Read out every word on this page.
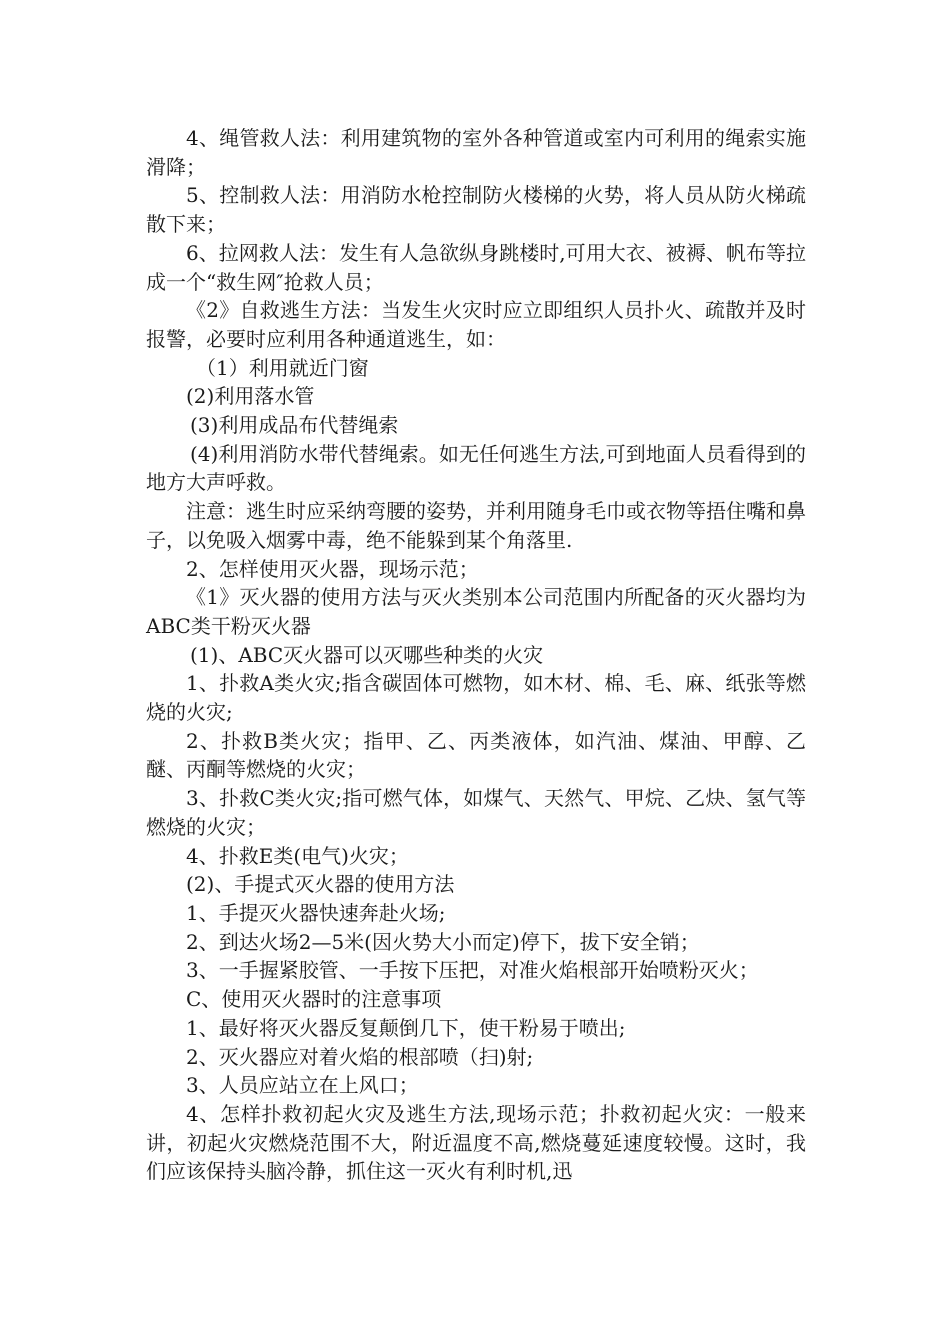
4、绳管救人法：利用建筑物的室外各种管道或室内可利用的绳索实施滑降；

5、控制救人法：用消防水枪控制防火楼梯的火势，将人员从防火梯疏散下来；

6、拉网救人法：发生有人急欲纵身跳楼时,可用大衣、被褥、帆布等拉成一个“救生网″抢救人员；

《2》自救逃生方法：当发生火灾时应立即组织人员扑火、疏散并及时报警，必要时应利用各种通道逃生，如：

（1）利用就近门窗

(2)利用落水管

(3)利用成品布代替绳索

(4)利用消防水带代替绳索。如无任何逃生方法,可到地面人员看得到的地方大声呼救。

注意：逃生时应采纳弯腰的姿势，并利用随身毛巾或衣物等捂住嘴和鼻子，以免吸入烟雾中毒，绝不能躲到某个角落里.

2、怎样使用灭火器，现场示范；

《1》灭火器的使用方法与灭火类别本公司范围内所配备的灭火器均为ABC类干粉灭火器

(1)、ABC灭火器可以灭哪些种类的火灾

1、扑救A类火灾;指含碳固体可燃物，如木材、棉、毛、麻、纸张等燃烧的火灾;

2、扑救B类火灾；指甲、乙、丙类液体，如汽油、煤油、甲醇、乙醚、丙酮等燃烧的火灾；

3、扑救C类火灾;指可燃气体，如煤气、天然气、甲烷、乙炔、氢气等燃烧的火灾；

4、扑救E类(电气)火灾；

(2)、手提式灭火器的使用方法

1、手提灭火器快速奔赴火场;

2、到达火场2—5米(因火势大小而定)停下，拔下安全销；

3、一手握紧胶管、一手按下压把，对准火焰根部开始喷粉灭火；

C、使用灭火器时的注意事项

1、最好将灭火器反复颠倒几下，使干粉易于喷出;

2、灭火器应对着火焰的根部喷（扫)射;

3、人员应站立在上风口；

4、怎样扑救初起火灾及逃生方法,现场示范；扑救初起火灾：一般来讲，初起火灾燃烧范围不大，附近温度不高,燃烧蔓延速度较慢。这时，我们应该保持头脑冷静，抓住这一灭火有利时机,迅
